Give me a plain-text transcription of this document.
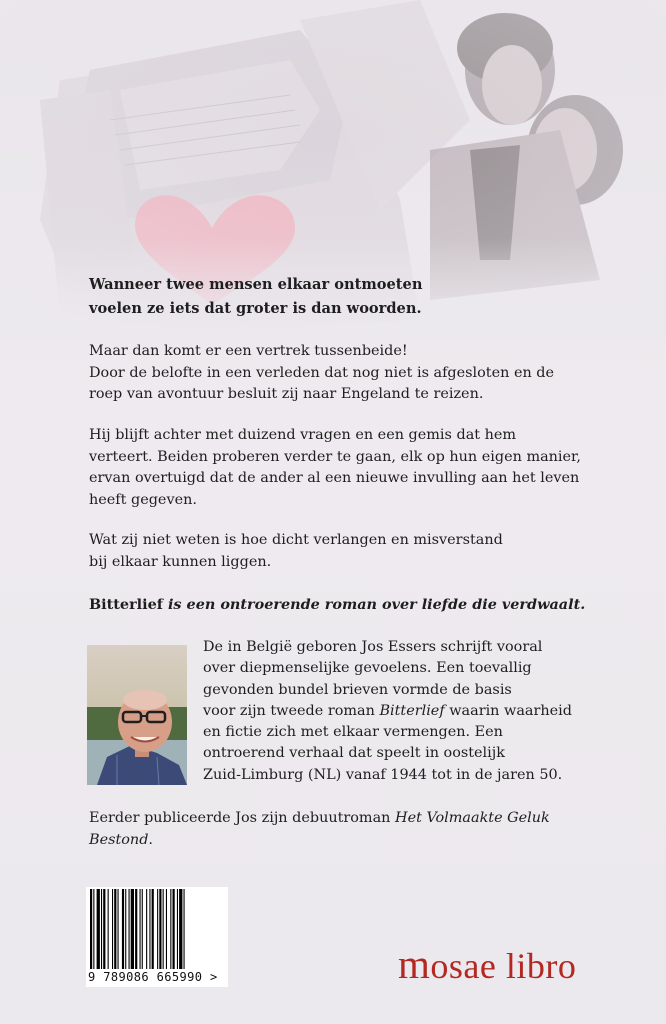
Wanneer twee mensen elkaar ontmoeten
voelen ze iets dat groter is dan woorden.

Maar dan komt er een vertrek tussenbeide!
Door de belofte in een verleden dat nog niet is afgesloten en de
roep van avontuur besluit zij naar Engeland te reizen.

Hij blijft achter met duizend vragen en een gemis dat hem
verteert. Beiden proberen verder te gaan, elk op hun eigen manier,
ervan overtuigd dat de ander al een nieuwe invulling aan het leven
heeft gegeven.

Wat zij niet weten is hoe dicht verlangen en misverstand
bij elkaar kunnen liggen.

Bitterlief is een ontroerende roman over liefde die verdwaalt.

De in België geboren Jos Essers schrijft vooral
over diepmenselijke gevoelens. Een toevallig
gevonden bundel brieven vormde de basis
voor zijn tweede roman Bitterlief waarin waarheid
en fictie zich met elkaar vermengen. Een
ontroerend verhaal dat speelt in oostelijk
Zuid-Limburg (NL) vanaf 1944 tot in de jaren 50.

Eerder publiceerde Jos zijn debuutroman Het Volmaakte Geluk
Bestond.

9 789086 665990 >	mosae libro
